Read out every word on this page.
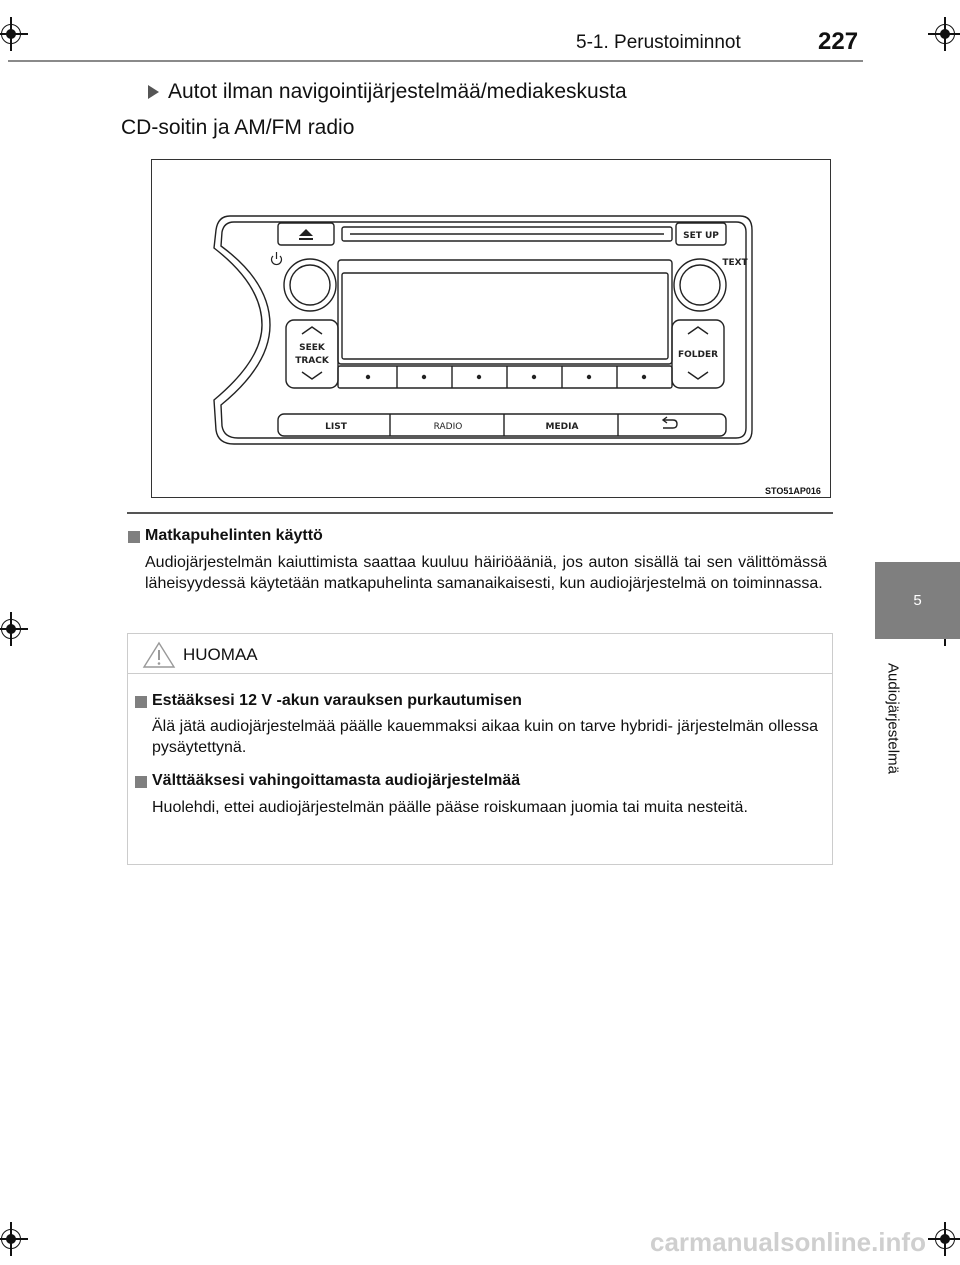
5-1. Perustoiminnot	227
5
Audiojärjestelmä
Autot ilman navigointijärjestelmää/mediakeskusta
CD-soitin ja AM/FM radio
SET UP
TEXT
SEEK
TRACK
FOLDER
LIST	RADIO	MEDIA
STO51AP016
Matkapuhelinten käyttö
Audiojärjestelmän kaiuttimista saattaa kuuluu häiriöääniä, jos auton sisällä tai sen välittömässä läheisyydessä käytetään matkapuhelinta samanaikaisesti, kun audiojärjestelmä on toiminnassa.
HUOMAA
Estääksesi 12 V -akun varauksen purkautumisen
Älä jätä audiojärjestelmää päälle kauemmaksi aikaa kuin on tarve hybridi- järjestelmän ollessa pysäytettynä.
Välttääksesi vahingoittamasta audiojärjestelmää
Huolehdi, ettei audiojärjestelmän päälle pääse roiskumaan juomia tai muita nesteitä.
carmanualsonline.info
